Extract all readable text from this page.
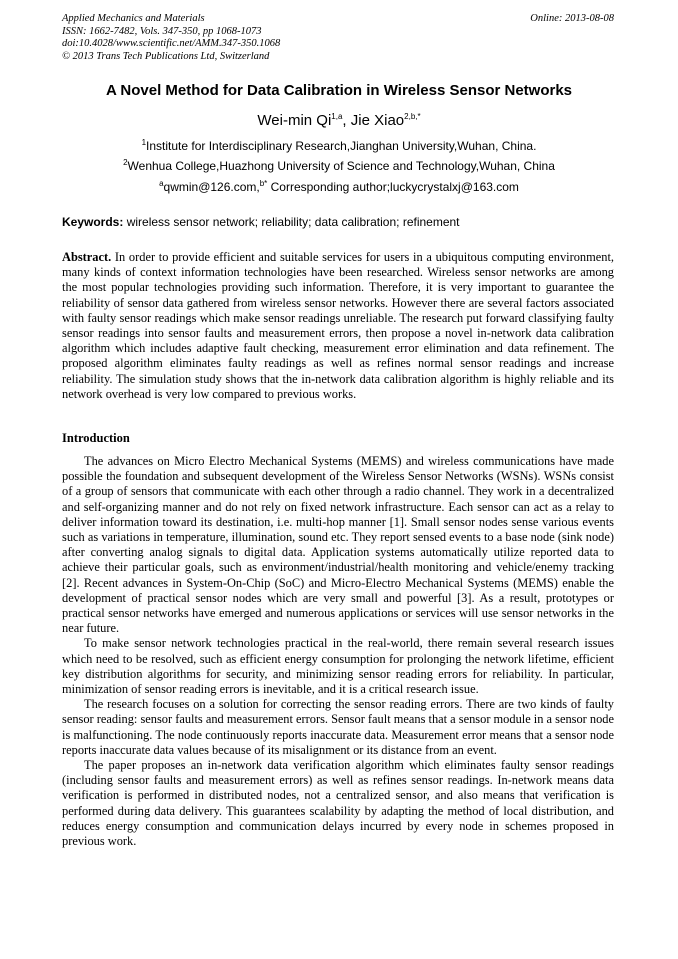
Applied Mechanics and Materials
ISSN: 1662-7482, Vols. 347-350, pp 1068-1073
doi:10.4028/www.scientific.net/AMM.347-350.1068
© 2013 Trans Tech Publications Ltd, Switzerland
Online: 2013-08-08
A Novel Method for Data Calibration in Wireless Sensor Networks
Wei-min Qi$^{1,a}$, Jie Xiao$^{2,b,*}$
$^1$Institute for Interdisciplinary Research,Jianghan University,Wuhan, China.
$^2$Wenhua College,Huazhong University of Science and Technology,Wuhan, China
$^a$qwmin@126.com,$^{b*}$ Corresponding author;luckycrystalxj@163.com
Keywords: wireless sensor network; reliability; data calibration; refinement

Abstract. In order to provide efficient and suitable services for users in a ubiquitous computing environment, many kinds of context information technologies have been researched. Wireless sensor networks are among the most popular technologies providing such information. Therefore, it is very important to guarantee the reliability of sensor data gathered from wireless sensor networks. However there are several factors associated with faulty sensor readings which make sensor readings unreliable. The research put forward classifying faulty sensor readings into sensor faults and measurement errors, then propose a novel in-network data calibration algorithm which includes adaptive fault checking, measurement error elimination and data refinement. The proposed algorithm eliminates faulty readings as well as refines normal sensor readings and increase reliability. The simulation study shows that the in-network data calibration algorithm is highly reliable and its network overhead is very low compared to previous works.

Introduction

The advances on Micro Electro Mechanical Systems (MEMS) and wireless communications have made possible the foundation and subsequent development of the Wireless Sensor Networks (WSNs). WSNs consist of a group of sensors that communicate with each other through a radio channel. They work in a decentralized and self-organizing manner and do not rely on fixed network infrastructure. Each sensor can act as a relay to deliver information toward its destination, i.e. multi-hop manner [1]. Small sensor nodes sense various events such as variations in temperature, illumination, sound etc. They report sensed events to a base node (sink node) after converting analog signals to digital data. Application systems automatically utilize reported data to achieve their particular goals, such as environment/industrial/health monitoring and vehicle/enemy tracking [2]. Recent advances in System-On-Chip (SoC) and Micro-Electro Mechanical Systems (MEMS) enable the development of practical sensor nodes which are very small and powerful [3]. As a result, prototypes or practical sensor networks have emerged and numerous applications or services will use sensor networks in the near future.

To make sensor network technologies practical in the real-world, there remain several research issues which need to be resolved, such as efficient energy consumption for prolonging the network lifetime, efficient key distribution algorithms for security, and minimizing sensor reading errors for reliability. In particular, minimization of sensor reading errors is inevitable, and it is a critical research issue.

The research focuses on a solution for correcting the sensor reading errors. There are two kinds of faulty sensor reading: sensor faults and measurement errors. Sensor fault means that a sensor module in a sensor node is malfunctioning. The node continuously reports inaccurate data. Measurement error means that a sensor node reports inaccurate data values because of its misalignment or its distance from an event.

The paper proposes an in-network data verification algorithm which eliminates faulty sensor readings (including sensor faults and measurement errors) as well as refines sensor readings. In-network means data verification is performed in distributed nodes, not a centralized sensor, and also means that verification is performed during data delivery. This guarantees scalability by adapting the method of local distribution, and reduces energy consumption and communication delays incurred by every node in schemes proposed in previous work.
